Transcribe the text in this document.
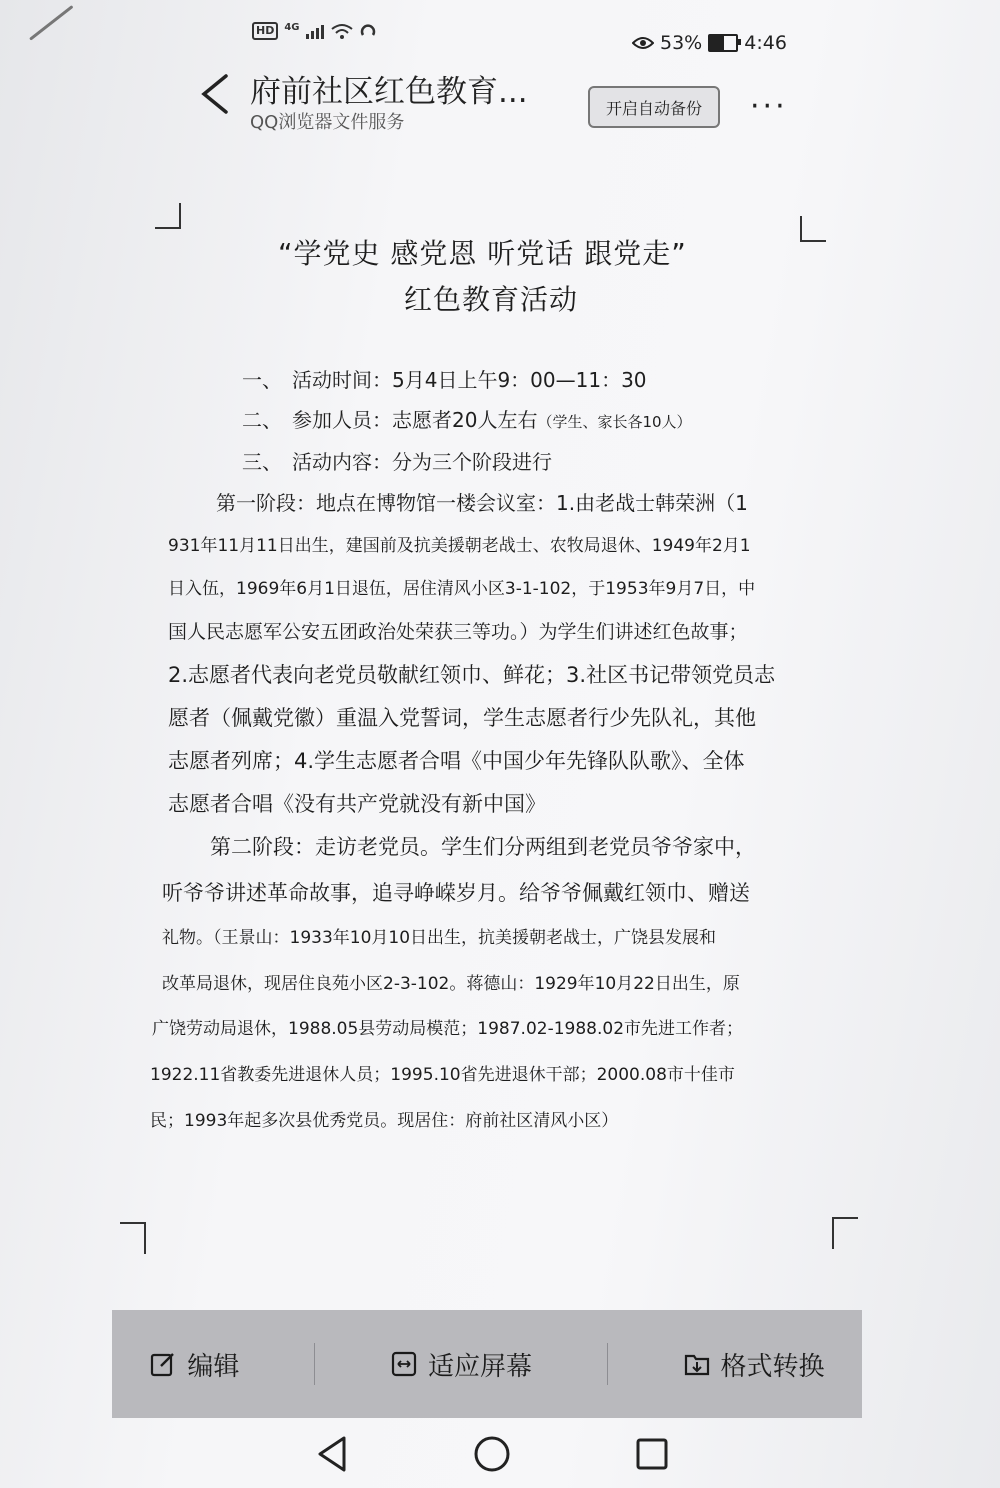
HD	4G
53% 4:46
府前社区红色教育...
QQ浏览器文件服务
开启自动备份	···
“学党史 感党恩 听党话 跟党走”
红色教育活动
一、 活动时间：5月4日上午9：00—11：30
二、 参加人员：志愿者20人左右（学生、家长各10人）
三、 活动内容：分为三个阶段进行
第一阶段：地点在博物馆一楼会议室：1.由老战士韩荣洲（1
931年11月11日出生，建国前及抗美援朝老战士、农牧局退休、1949年2月1
日入伍，1969年6月1日退伍，居住清风小区3-1-102，于1953年9月7日，中
国人民志愿军公安五团政治处荣获三等功。）为学生们讲述红色故事；
2.志愿者代表向老党员敬献红领巾、鲜花；3.社区书记带领党员志
愿者（佩戴党徽）重温入党誓词，学生志愿者行少先队礼，其他
志愿者列席；4.学生志愿者合唱《中国少年先锋队队歌》、全体
志愿者合唱《没有共产党就没有新中国》
第二阶段：走访老党员。学生们分两组到老党员爷爷家中，
听爷爷讲述革命故事，追寻峥嵘岁月。给爷爷佩戴红领巾、赠送
礼物。（王景山：1933年10月10日出生，抗美援朝老战士，广饶县发展和
改革局退休，现居住良苑小区2-3-102。蒋德山：1929年10月22日出生，原
广饶劳动局退休，1988.05县劳动局模范；1987.02-1988.02市先进工作者；
1922.11省教委先进退休人员；1995.10省先进退休干部；2000.08市十佳市
民；1993年起多次县优秀党员。现居住：府前社区清风小区）
编辑	适应屏幕	格式转换
